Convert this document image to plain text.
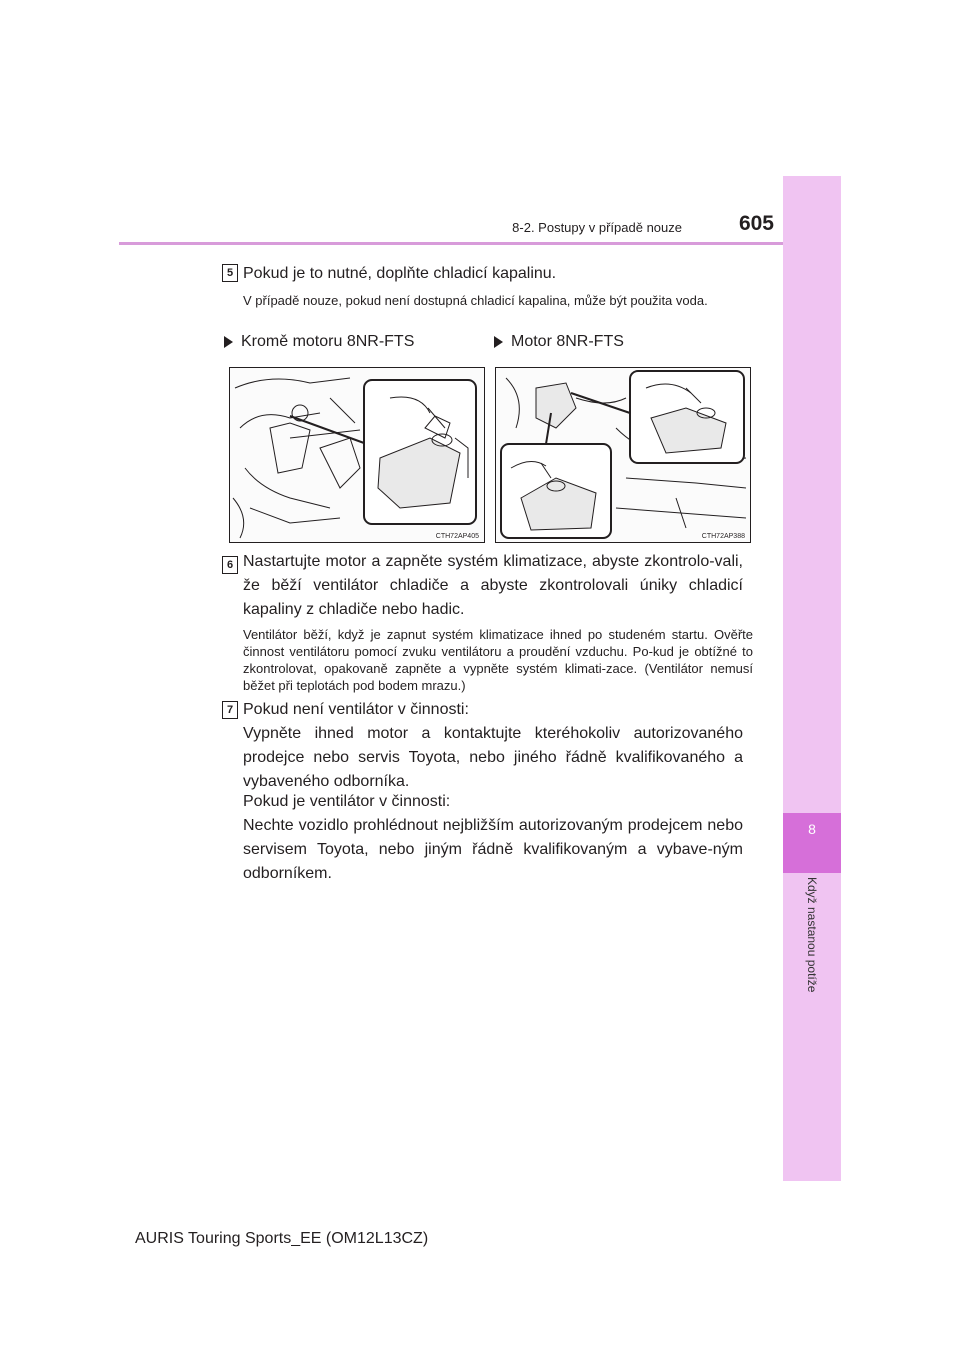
8
Když nastanou potíže
8-2. Postupy v případě nouze	605
5 Pokud je to nutné, doplňte chladicí kapalinu.
V případě nouze, pokud není dostupná chladicí kapalina, může být použita voda.
Kromě motoru 8NR-FTS	Motor 8NR-FTS
CTH72AP405	CTH72AP388
6 Nastartujte motor a zapněte systém klimatizace, abyste zkontrolo-vali, že běží ventilátor chladiče a abyste zkontrolovali úniky chladicí kapaliny z chladiče nebo hadic.
Ventilátor běží, když je zapnut systém klimatizace ihned po studeném startu. Ověřte činnost ventilátoru pomocí zvuku ventilátoru a proudění vzduchu. Po-kud je obtížné to zkontrolovat, opakovaně zapněte a vypněte systém klimati-zace. (Ventilátor nemusí běžet při teplotách pod bodem mrazu.)
7 Pokud není ventilátor v činnosti:
Vypněte ihned motor a kontaktujte kteréhokoliv autorizovaného prodejce nebo servis Toyota, nebo jiného řádně kvalifikovaného a vybaveného odborníka.
Pokud je ventilátor v činnosti:
Nechte vozidlo prohlédnout nejbližším autorizovaným prodejcem nebo servisem Toyota, nebo jiným řádně kvalifikovaným a vybave-ným odborníkem.
AURIS Touring Sports_EE (OM12L13CZ)
